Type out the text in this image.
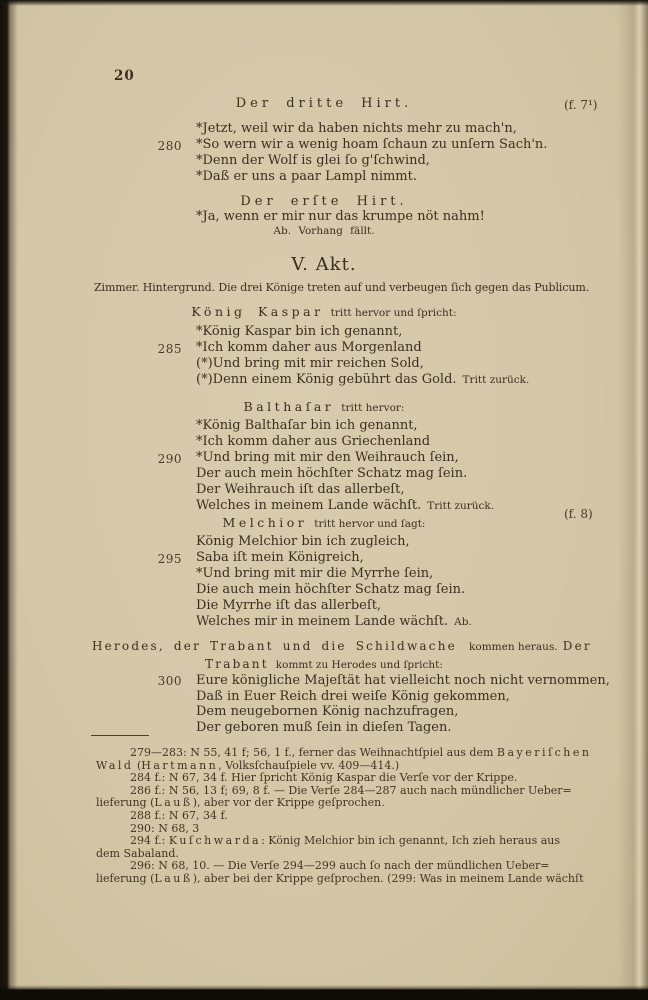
20
(f. 7¹)
(f. 8)
Der dritte Hirt.
*Jetzt, weil wir da haben nichts mehr zu mach'n,
280 *So wern wir a wenig hoam ſchaun zu unſern Sach'n.
*Denn der Wolf is glei ſo g'ſchwind,
*Daß er uns a paar Lampl nimmt.
Der erſte Hirt.
*Ja, wenn er mir nur das krumpe nöt nahm!
Ab. Vorhang fällt.
V. Akt.
Zimmer. Hintergrund. Die drei Könige treten auf und verbeugen ſich gegen das Publicum.
König Kaspar tritt hervor und ſpricht:
*König Kaspar bin ich genannt,
285 *Ich komm daher aus Morgenland
(*)Und bring mit mir reichen Sold,
(*)Denn einem König gebührt das Gold. Tritt zurück.
Balthaſar tritt hervor:
*König Balthaſar bin ich genannt,
*Ich komm daher aus Griechenland
290 *Und bring mit mir den Weihrauch ſein,
Der auch mein höchſter Schatz mag ſein.
Der Weihrauch iſt das allerbeſt,
Welches in meinem Lande wächſt. Tritt zurück.
Melchior tritt hervor und ſagt:
König Melchior bin ich zugleich,
295 Saba iſt mein Königreich,
*Und bring mit mir die Myrrhe ſein,
Die auch mein höchſter Schatz mag ſein.
Die Myrrhe iſt das allerbeſt,
Welches mir in meinem Lande wächſt. Ab.
Herodes, der Trabant und die Schildwache kommen heraus. Der
Trabant kommt zu Herodes und ſpricht:
300 Eure königliche Majeſtät hat vielleicht noch nicht vernommen,
Daß in Euer Reich drei weiſe König gekommen,
Dem neugebornen König nachzufragen,
Der geboren muß ſein in dieſen Tagen.
279—283: N 55, 41 f; 56, 1 f., ferner das Weihnachtſpiel aus dem Bayeriſchen
Wald (Hartmann, Volksſchauſpiele vv. 409—414.)
284 f.: N 67, 34 f. Hier ſpricht König Kaspar die Verſe vor der Krippe.
286 f.: N 56, 13 f; 69, 8 f. — Die Verſe 284—287 auch nach mündlicher Ueber=
lieferung (Lauß), aber vor der Krippe geſprochen.
288 f.: N 67, 34 f.
290: N 68, 3
294 f.: Kuſchwarda: König Melchior bin ich genannt, Ich zieh heraus aus
dem Sabaland.
296: N 68, 10. — Die Verſe 294—299 auch ſo nach der mündlichen Ueber=
lieferung (Lauß), aber bei der Krippe geſprochen. (299: Was in meinem Lande wächſt
